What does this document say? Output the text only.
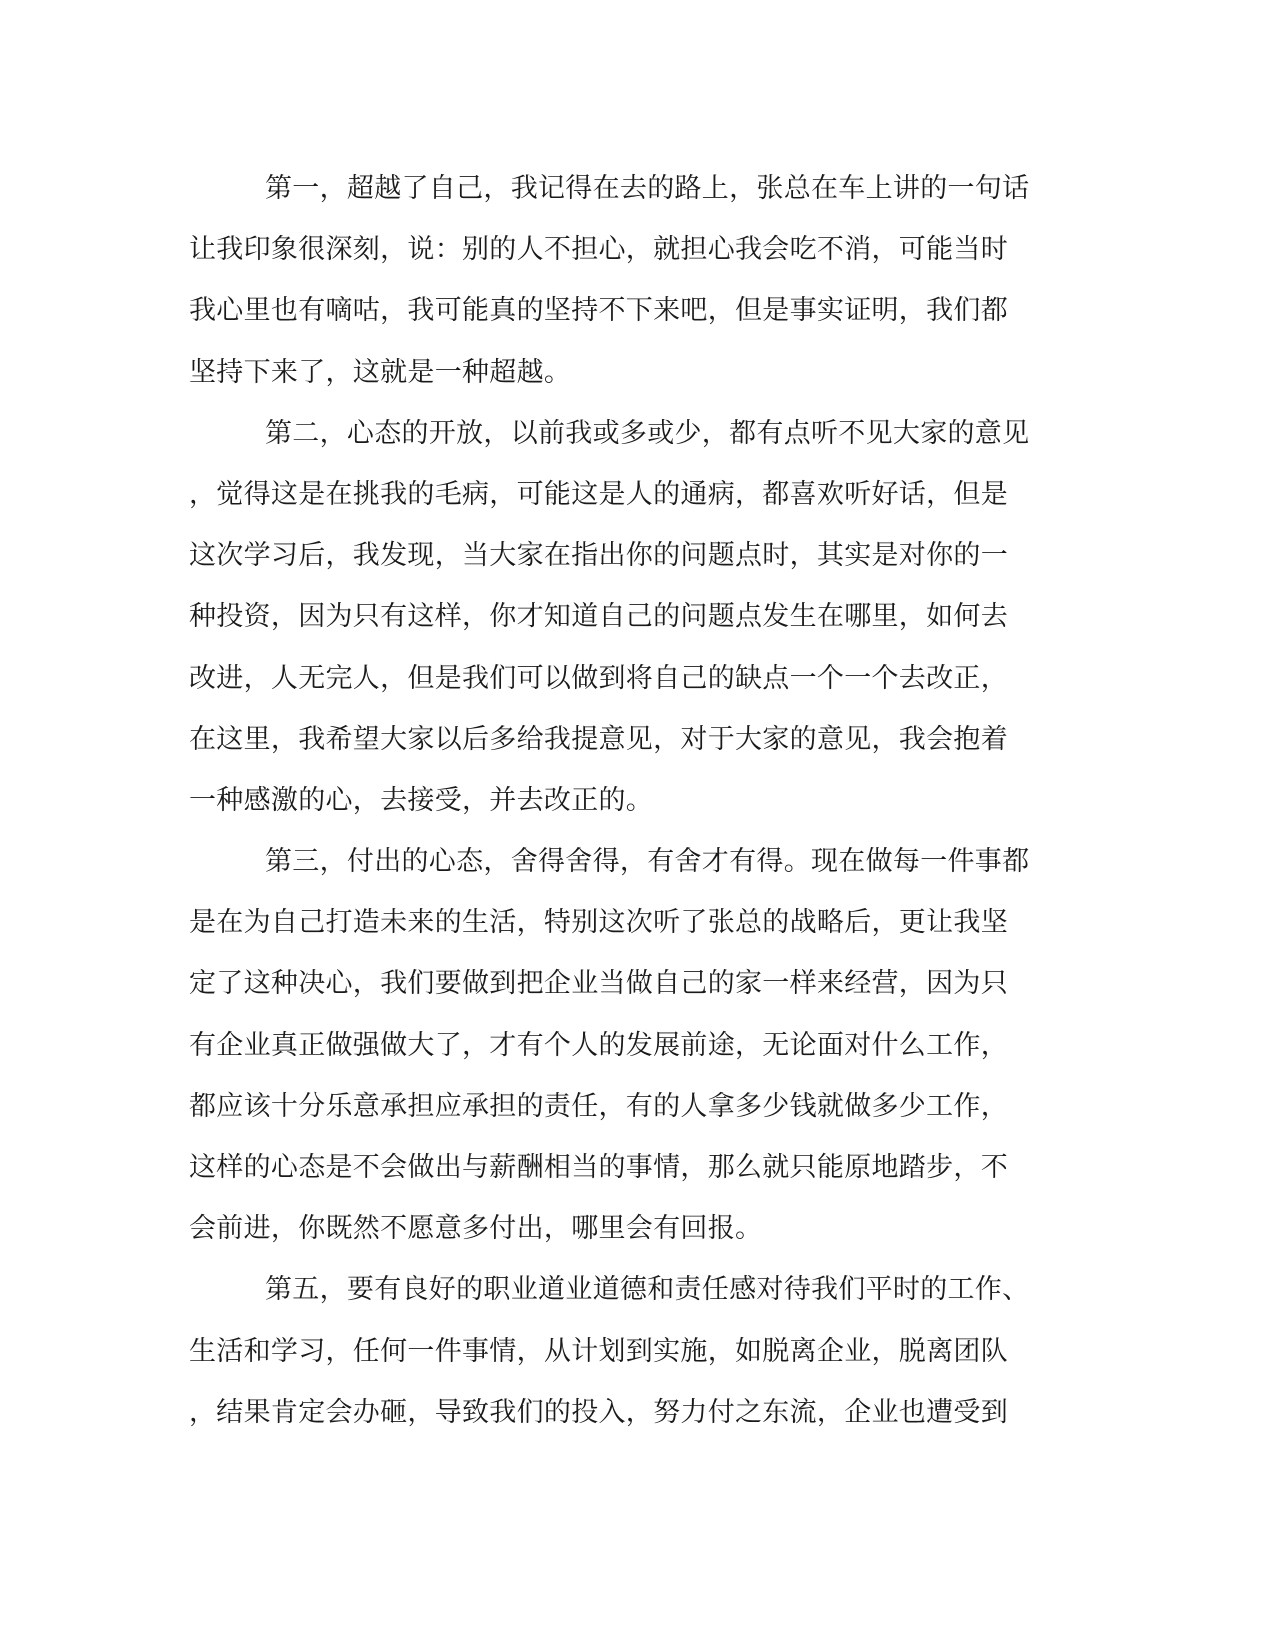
第一，超越了自己，我记得在去的路上，张总在车上讲的一句话
让我印象很深刻，说：别的人不担心，就担心我会吃不消，可能当时
我心里也有嘀咕，我可能真的坚持不下来吧，但是事实证明，我们都
坚持下来了，这就是一种超越。
第二，心态的开放，以前我或多或少，都有点听不见大家的意见
，觉得这是在挑我的毛病，可能这是人的通病，都喜欢听好话，但是
这次学习后，我发现，当大家在指出你的问题点时，其实是对你的一
种投资，因为只有这样，你才知道自己的问题点发生在哪里，如何去
改进，人无完人，但是我们可以做到将自己的缺点一个一个去改正，
在这里，我希望大家以后多给我提意见，对于大家的意见，我会抱着
一种感激的心，去接受，并去改正的。
第三，付出的心态，舍得舍得，有舍才有得。现在做每一件事都
是在为自己打造未来的生活，特别这次听了张总的战略后，更让我坚
定了这种决心，我们要做到把企业当做自己的家一样来经营，因为只
有企业真正做强做大了，才有个人的发展前途，无论面对什么工作，
都应该十分乐意承担应承担的责任，有的人拿多少钱就做多少工作，
这样的心态是不会做出与薪酬相当的事情，那么就只能原地踏步，不
会前进，你既然不愿意多付出，哪里会有回报。
第五，要有良好的职业道业道德和责任感对待我们平时的工作、
生活和学习，任何一件事情，从计划到实施，如脱离企业，脱离团队
，结果肯定会办砸，导致我们的投入，努力付之东流，企业也遭受到
